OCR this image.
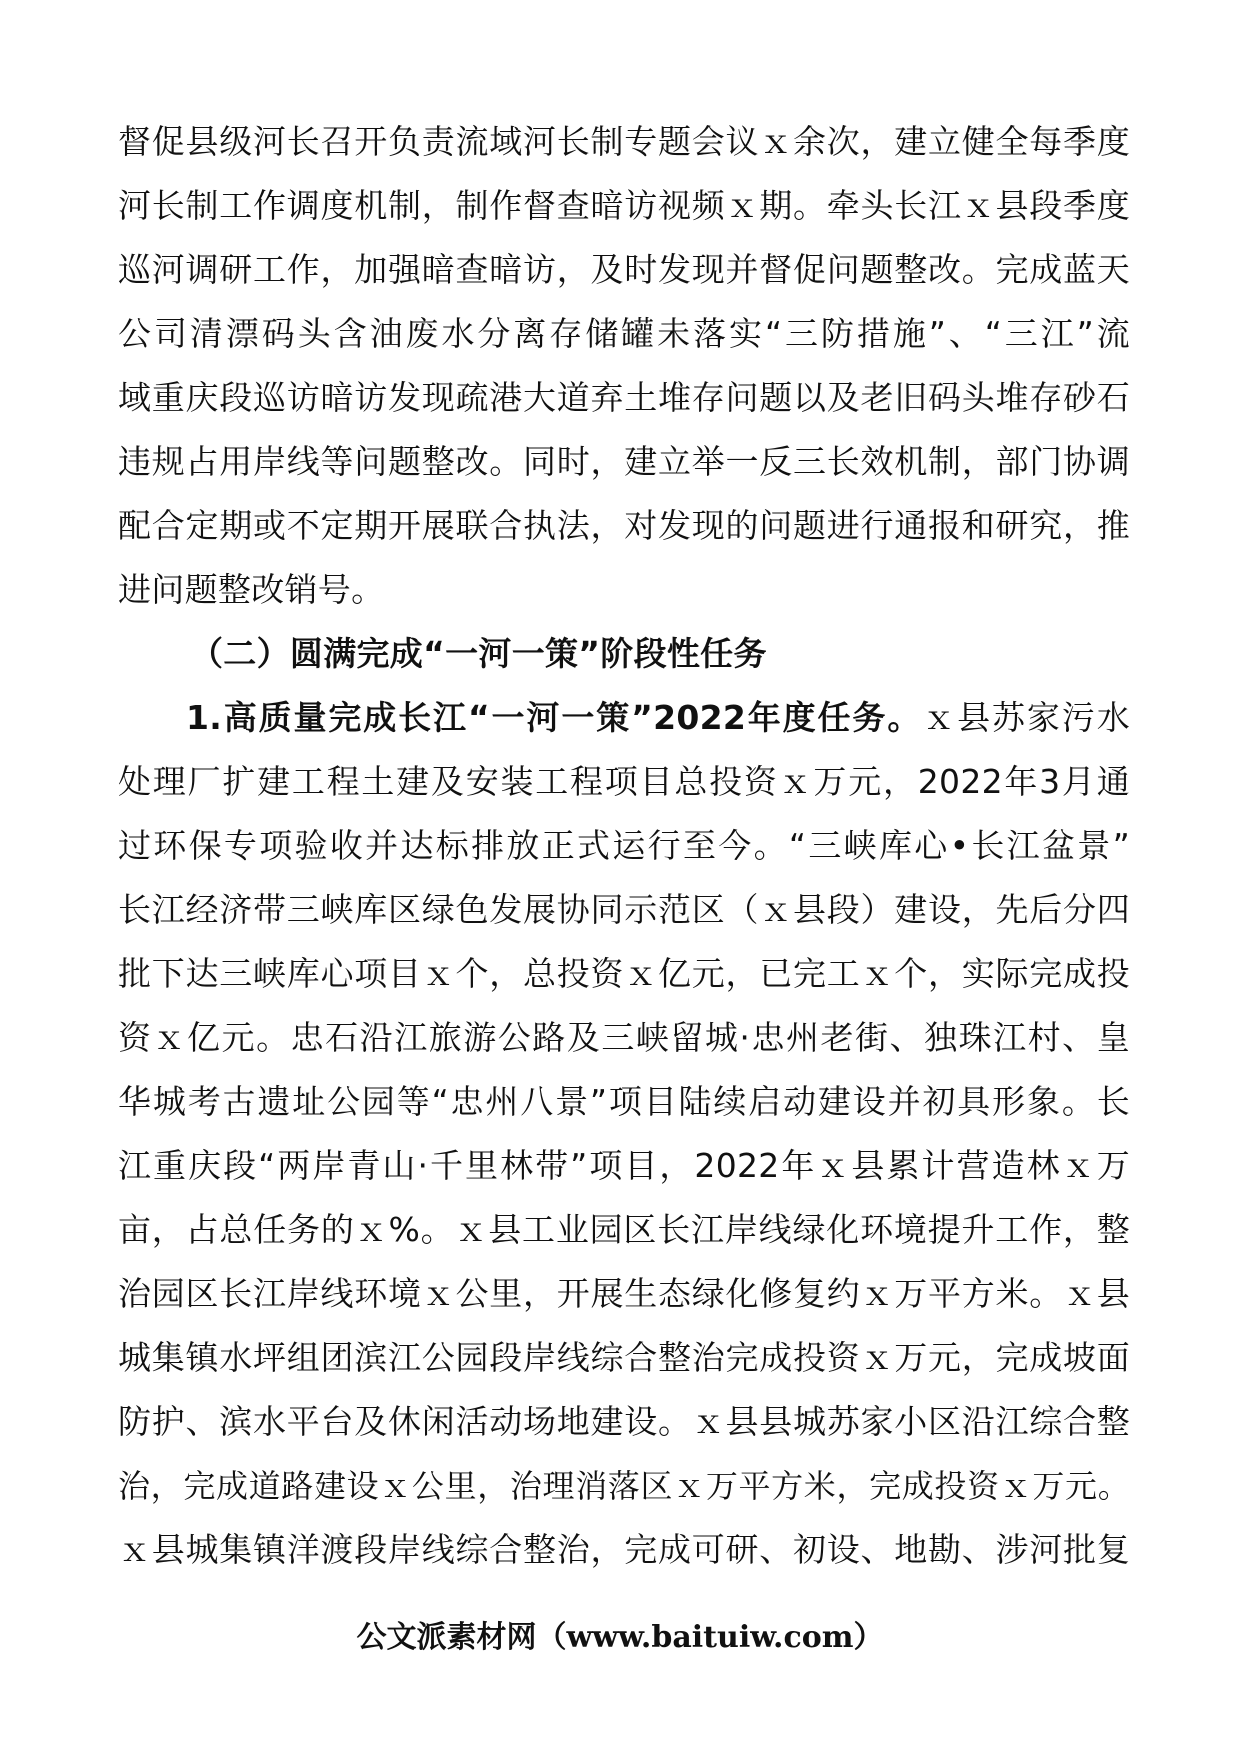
督促县级河长召开负责流域河长制专题会议ｘ余次，建立健全每季度
河长制工作调度机制，制作督查暗访视频ｘ期。牵头长江ｘ县段季度
巡河调研工作，加强暗查暗访，及时发现并督促问题整改。完成蓝天
公司清漂码头含油废水分离存储罐未落实“三防措施”、“三江”流
域重庆段巡访暗访发现疏港大道弃土堆存问题以及老旧码头堆存砂石
违规占用岸线等问题整改。同时，建立举一反三长效机制，部门协调
配合定期或不定期开展联合执法，对发现的问题进行通报和研究，推
进问题整改销号。
（二）圆满完成“一河一策”阶段性任务
1.高质量完成长江“一河一策”2022年度任务。ｘ县苏家污水
处理厂扩建工程土建及安装工程项目总投资ｘ万元，2022年3月通
过环保专项验收并达标排放正式运行至今。“三峡库心•长江盆景”
长江经济带三峡库区绿色发展协同示范区（ｘ县段）建设，先后分四
批下达三峡库心项目ｘ个，总投资ｘ亿元，已完工ｘ个，实际完成投
资ｘ亿元。忠石沿江旅游公路及三峡留城·忠州老街、独珠江村、皇
华城考古遗址公园等“忠州八景”项目陆续启动建设并初具形象。长
江重庆段“两岸青山·千里林带”项目，2022年ｘ县累计营造林ｘ万
亩，占总任务的ｘ%。ｘ县工业园区长江岸线绿化环境提升工作，整
治园区长江岸线环境ｘ公里，开展生态绿化修复约ｘ万平方米。ｘ县
城集镇水坪组团滨江公园段岸线综合整治完成投资ｘ万元，完成坡面
防护、滨水平台及休闲活动场地建设。ｘ县县城苏家小区沿江综合整
治，完成道路建设ｘ公里，治理消落区ｘ万平方米，完成投资ｘ万元。
ｘ县城集镇洋渡段岸线综合整治，完成可研、初设、地勘、涉河批复
公文派素材网（www.baituiw.com）
